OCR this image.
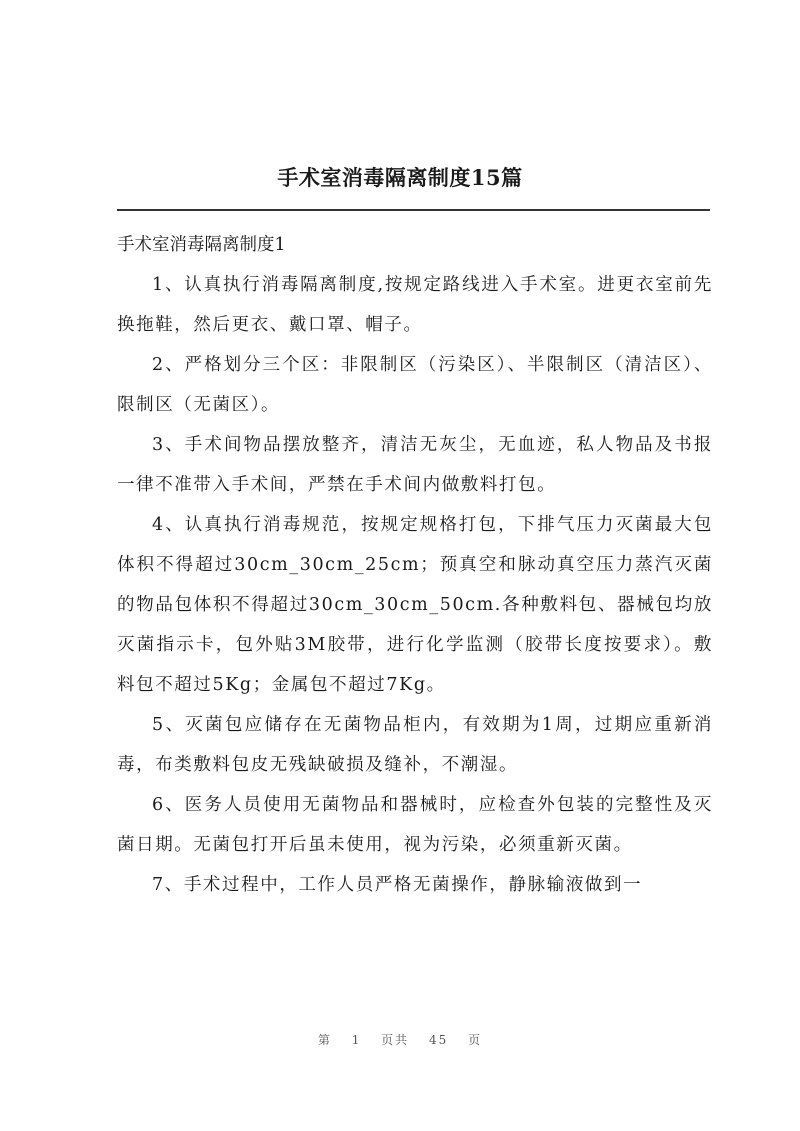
手术室消毒隔离制度15篇
手术室消毒隔离制度1

1、认真执行消毒隔离制度,按规定路线进入手术室。进更衣室前先换拖鞋，然后更衣、戴口罩、帽子。

2、严格划分三个区：非限制区（污染区）、半限制区（清洁区）、限制区（无菌区）。

3、手术间物品摆放整齐，清洁无灰尘，无血迹，私人物品及书报一律不准带入手术间，严禁在手术间内做敷料打包。

4、认真执行消毒规范，按规定规格打包，下排气压力灭菌最大包体积不得超过30cm_30cm_25cm；预真空和脉动真空压力蒸汽灭菌的物品包体积不得超过30cm_30cm_50cm.各种敷料包、器械包均放灭菌指示卡，包外贴3M胶带，进行化学监测（胶带长度按要求）。敷料包不超过5Kg；金属包不超过7Kg。

5、灭菌包应储存在无菌物品柜内，有效期为1周，过期应重新消毒，布类敷料包皮无残缺破损及缝补，不潮湿。

6、医务人员使用无菌物品和器械时，应检查外包装的完整性及灭菌日期。无菌包打开后虽未使用，视为污染，必须重新灭菌。

7、手术过程中，工作人员严格无菌操作，静脉输液做到一

第 1 页共 45 页
